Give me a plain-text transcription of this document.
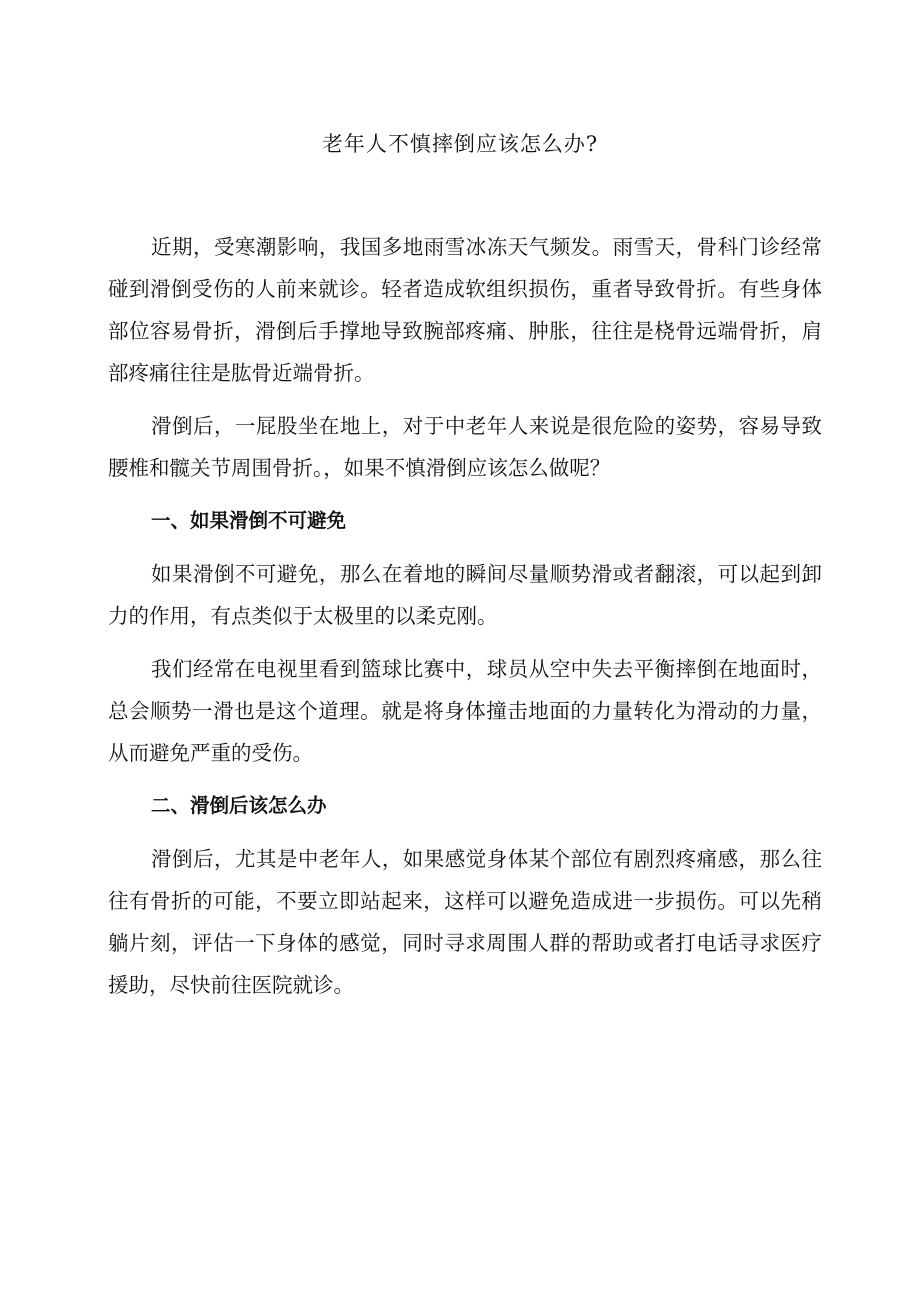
老年人不慎摔倒应该怎么办?

近期，受寒潮影响，我国多地雨雪冰冻天气频发。雨雪天，骨科门诊经常碰到滑倒受伤的人前来就诊。轻者造成软组织损伤，重者导致骨折。有些身体部位容易骨折，滑倒后手撑地导致腕部疼痛、肿胀，往往是桡骨远端骨折，肩部疼痛往往是肱骨近端骨折。

滑倒后，一屁股坐在地上，对于中老年人来说是很危险的姿势，容易导致腰椎和髋关节周围骨折。，如果不慎滑倒应该怎么做呢？

一、如果滑倒不可避免

如果滑倒不可避免，那么在着地的瞬间尽量顺势滑或者翻滚，可以起到卸力的作用，有点类似于太极里的以柔克刚。

我们经常在电视里看到篮球比赛中，球员从空中失去平衡摔倒在地面时，总会顺势一滑也是这个道理。就是将身体撞击地面的力量转化为滑动的力量，从而避免严重的受伤。

二、滑倒后该怎么办

滑倒后，尤其是中老年人，如果感觉身体某个部位有剧烈疼痛感，那么往往有骨折的可能，不要立即站起来，这样可以避免造成进一步损伤。可以先稍躺片刻，评估一下身体的感觉，同时寻求周围人群的帮助或者打电话寻求医疗援助，尽快前往医院就诊。
